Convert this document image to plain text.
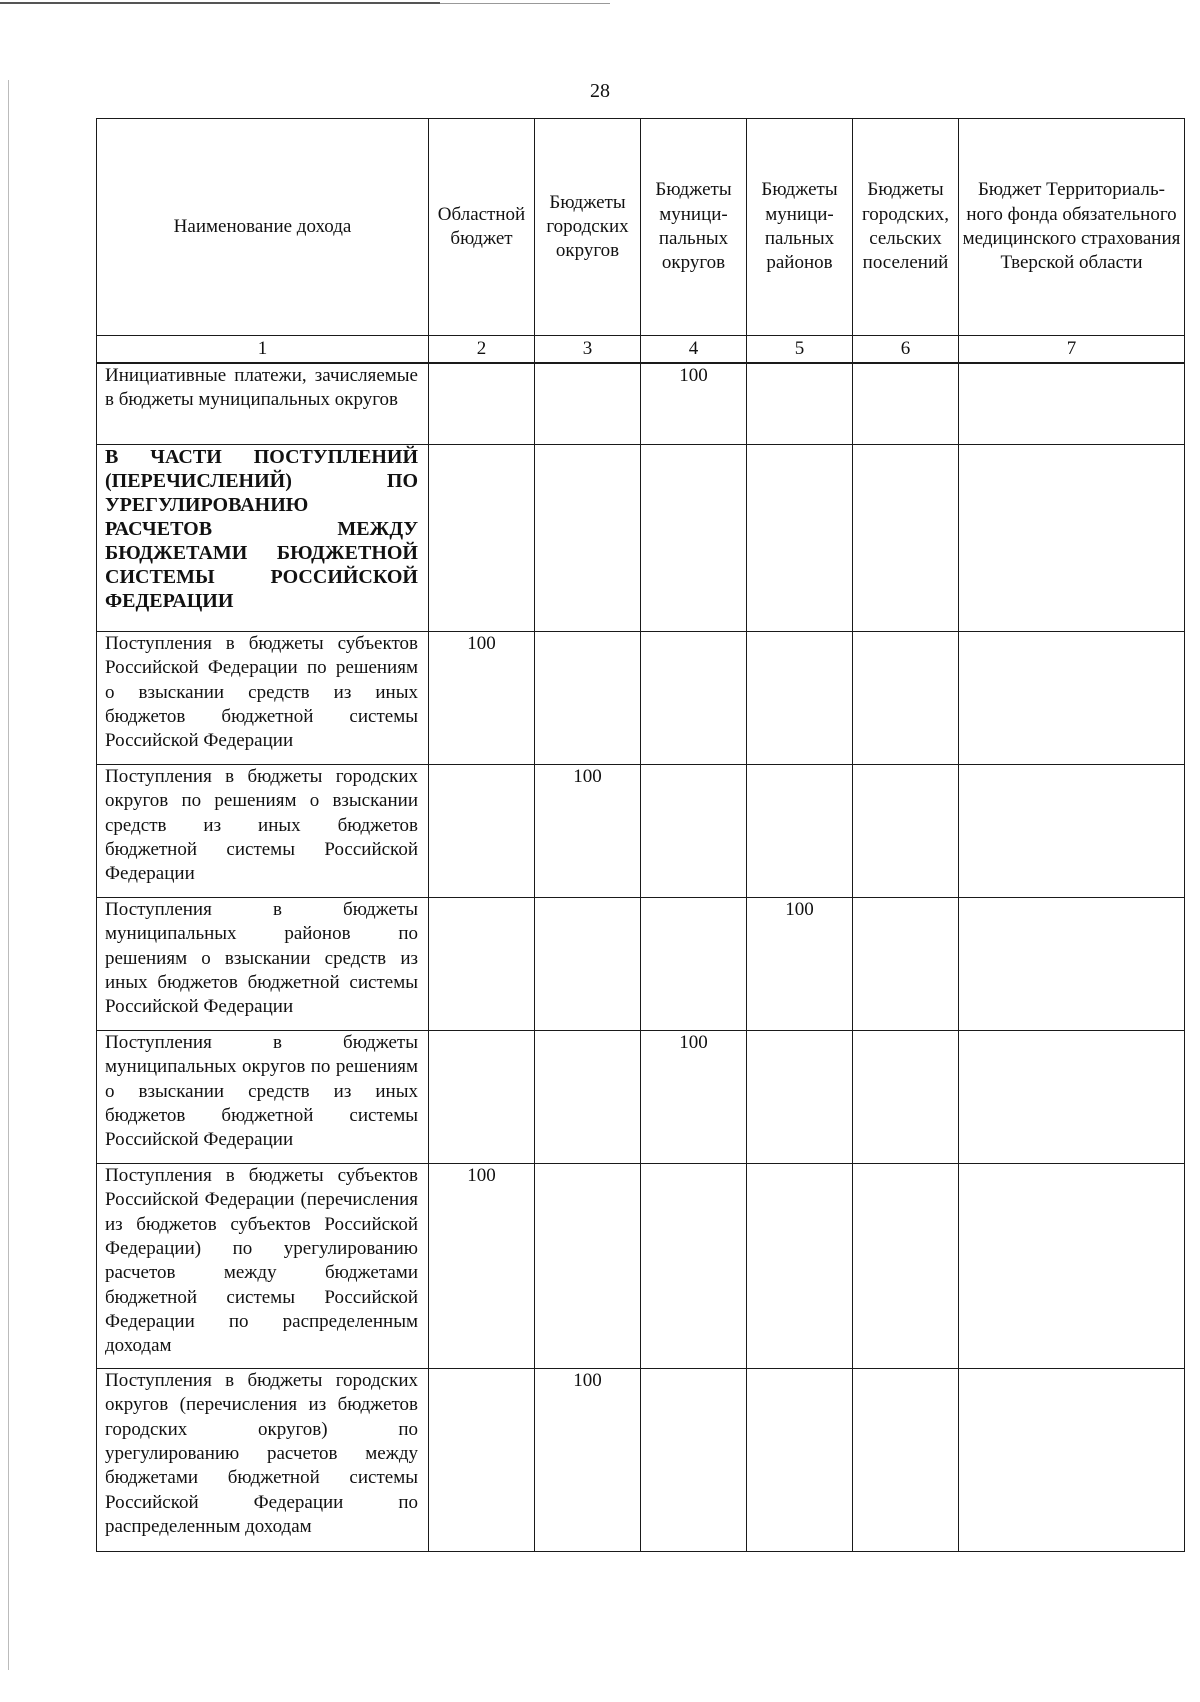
28
Наименование дохода	Областной бюджет	Бюджеты городских округов	Бюджеты муници-пальных округов	Бюджеты муници-пальных районов	Бюджеты городских, сельских поселений	Бюджет Территориаль-ного фонда обязательного медицинского страхования Тверской области
1	2	3	4	5	6	7
Инициативные платежи, зачисляемые в бюджеты муниципальных округов			100			
В ЧАСТИ ПОСТУПЛЕНИЙ (ПЕРЕЧИСЛЕНИЙ) ПО УРЕГУЛИРОВАНИЮ РАСЧЕТОВ МЕЖДУ БЮДЖЕТАМИ БЮДЖЕТНОЙ СИСТЕМЫ РОССИЙСКОЙ ФЕДЕРАЦИИ						
Поступления в бюджеты субъектов Российской Федерации по решениям о взыскании средств из иных бюджетов бюджетной системы Российской Федерации	100					
Поступления в бюджеты городских округов по решениям о взыскании средств из иных бюджетов бюджетной системы Российской Федерации		100				
Поступления в бюджеты муниципальных районов по решениям о взыскании средств из иных бюджетов бюджетной системы Российской Федерации				100		
Поступления в бюджеты муниципальных округов по решениям о взыскании средств из иных бюджетов бюджетной системы Российской Федерации			100			
Поступления в бюджеты субъектов Российской Федерации (перечисления из бюджетов субъектов Российской Федерации) по урегулированию расчетов между бюджетами бюджетной системы Российской Федерации по распределенным доходам	100					
Поступления в бюджеты городских округов (перечисления из бюджетов городских округов) по урегулированию расчетов между бюджетами бюджетной системы Российской Федерации по распределенным доходам		100				
